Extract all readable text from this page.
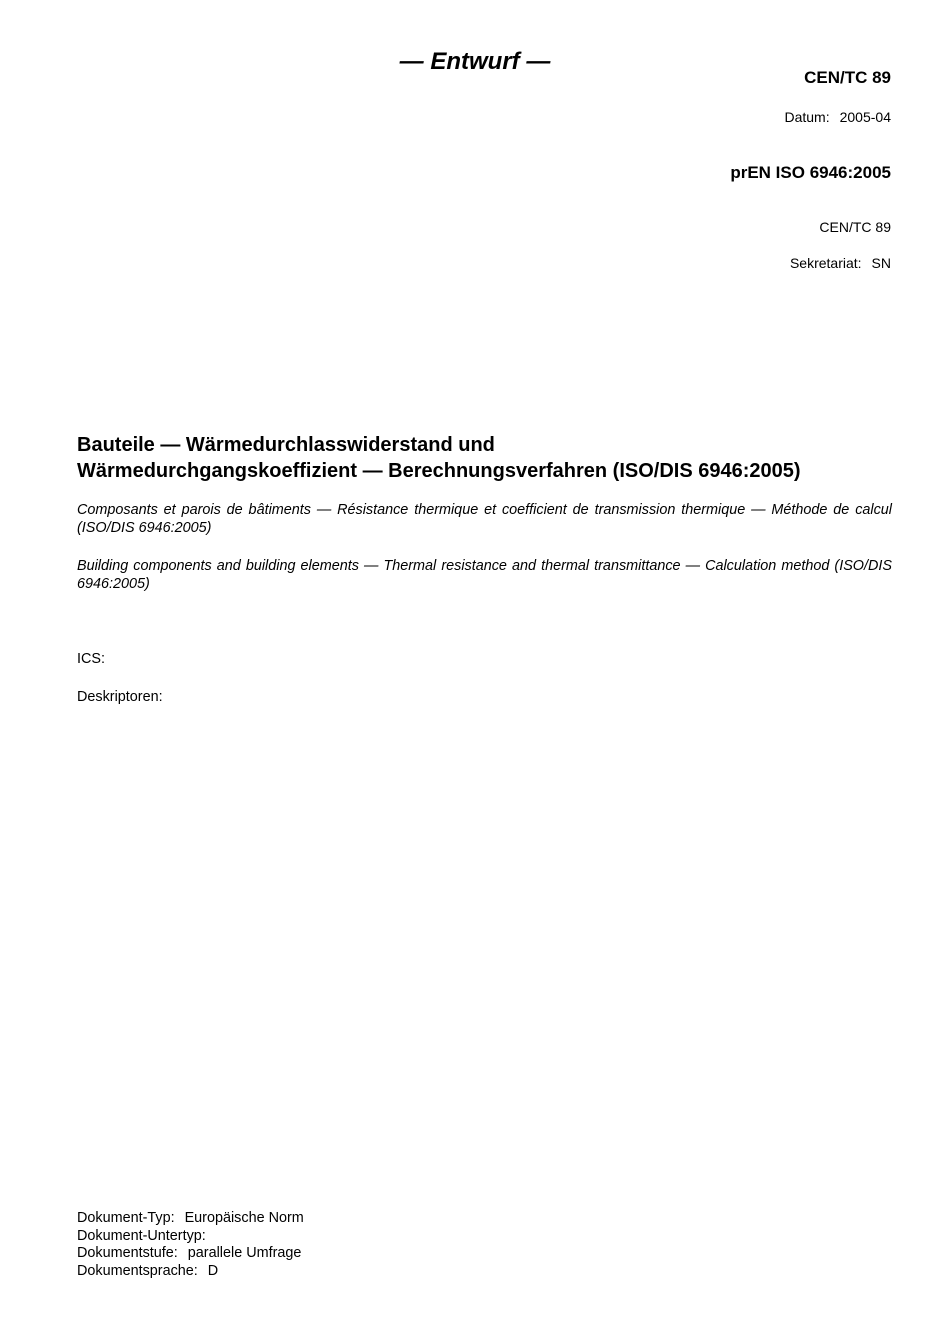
— Entwurf —
CEN/TC 89
Datum: 2005-04
prEN ISO 6946:2005
CEN/TC 89
Sekretariat: SN
Bauteile — Wärmedurchlasswiderstand und
Wärmedurchgangskoeffizient — Berechnungsverfahren (ISO/DIS 6946:2005)
Composants et parois de bâtiments — Résistance thermique et coefficient de transmission thermique — Méthode de calcul (ISO/DIS 6946:2005)
Building components and building elements — Thermal resistance and thermal transmittance — Calculation method (ISO/DIS 6946:2005)
ICS:
Deskriptoren:
Dokument-Typ: Europäische Norm
Dokument-Untertyp:
Dokumentstufe: parallele Umfrage
Dokumentsprache: D
